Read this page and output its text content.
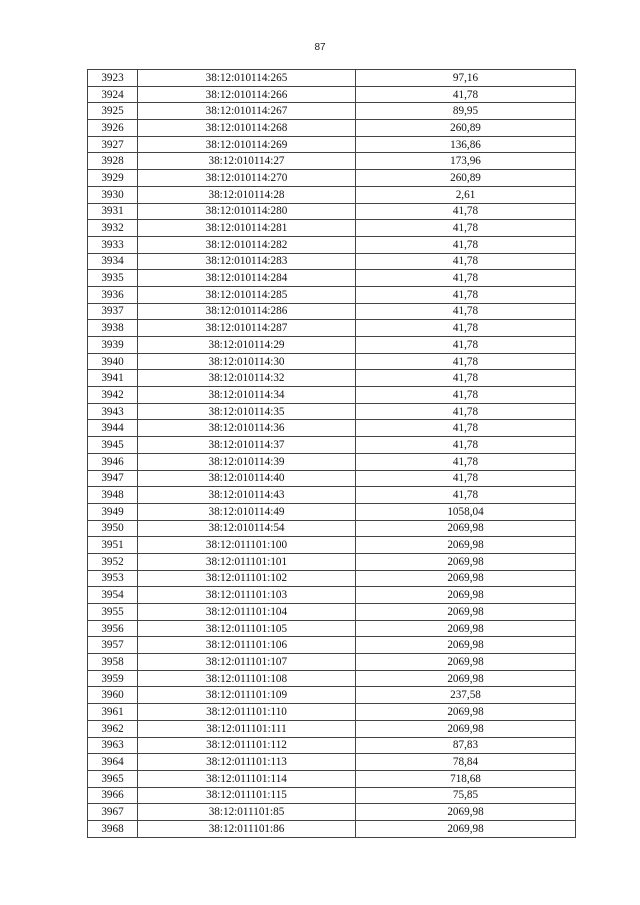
87
3923	38:12:010114:265	97,16
3924	38:12:010114:266	41,78
3925	38:12:010114:267	89,95
3926	38:12:010114:268	260,89
3927	38:12:010114:269	136,86
3928	38:12:010114:27	173,96
3929	38:12:010114:270	260,89
3930	38:12:010114:28	2,61
3931	38:12:010114:280	41,78
3932	38:12:010114:281	41,78
3933	38:12:010114:282	41,78
3934	38:12:010114:283	41,78
3935	38:12:010114:284	41,78
3936	38:12:010114:285	41,78
3937	38:12:010114:286	41,78
3938	38:12:010114:287	41,78
3939	38:12:010114:29	41,78
3940	38:12:010114:30	41,78
3941	38:12:010114:32	41,78
3942	38:12:010114:34	41,78
3943	38:12:010114:35	41,78
3944	38:12:010114:36	41,78
3945	38:12:010114:37	41,78
3946	38:12:010114:39	41,78
3947	38:12:010114:40	41,78
3948	38:12:010114:43	41,78
3949	38:12:010114:49	1058,04
3950	38:12:010114:54	2069,98
3951	38:12:011101:100	2069,98
3952	38:12:011101:101	2069,98
3953	38:12:011101:102	2069,98
3954	38:12:011101:103	2069,98
3955	38:12:011101:104	2069,98
3956	38:12:011101:105	2069,98
3957	38:12:011101:106	2069,98
3958	38:12:011101:107	2069,98
3959	38:12:011101:108	2069,98
3960	38:12:011101:109	237,58
3961	38:12:011101:110	2069,98
3962	38:12:011101:111	2069,98
3963	38:12:011101:112	87,83
3964	38:12:011101:113	78,84
3965	38:12:011101:114	718,68
3966	38:12:011101:115	75,85
3967	38:12:011101:85	2069,98
3968	38:12:011101:86	2069,98
